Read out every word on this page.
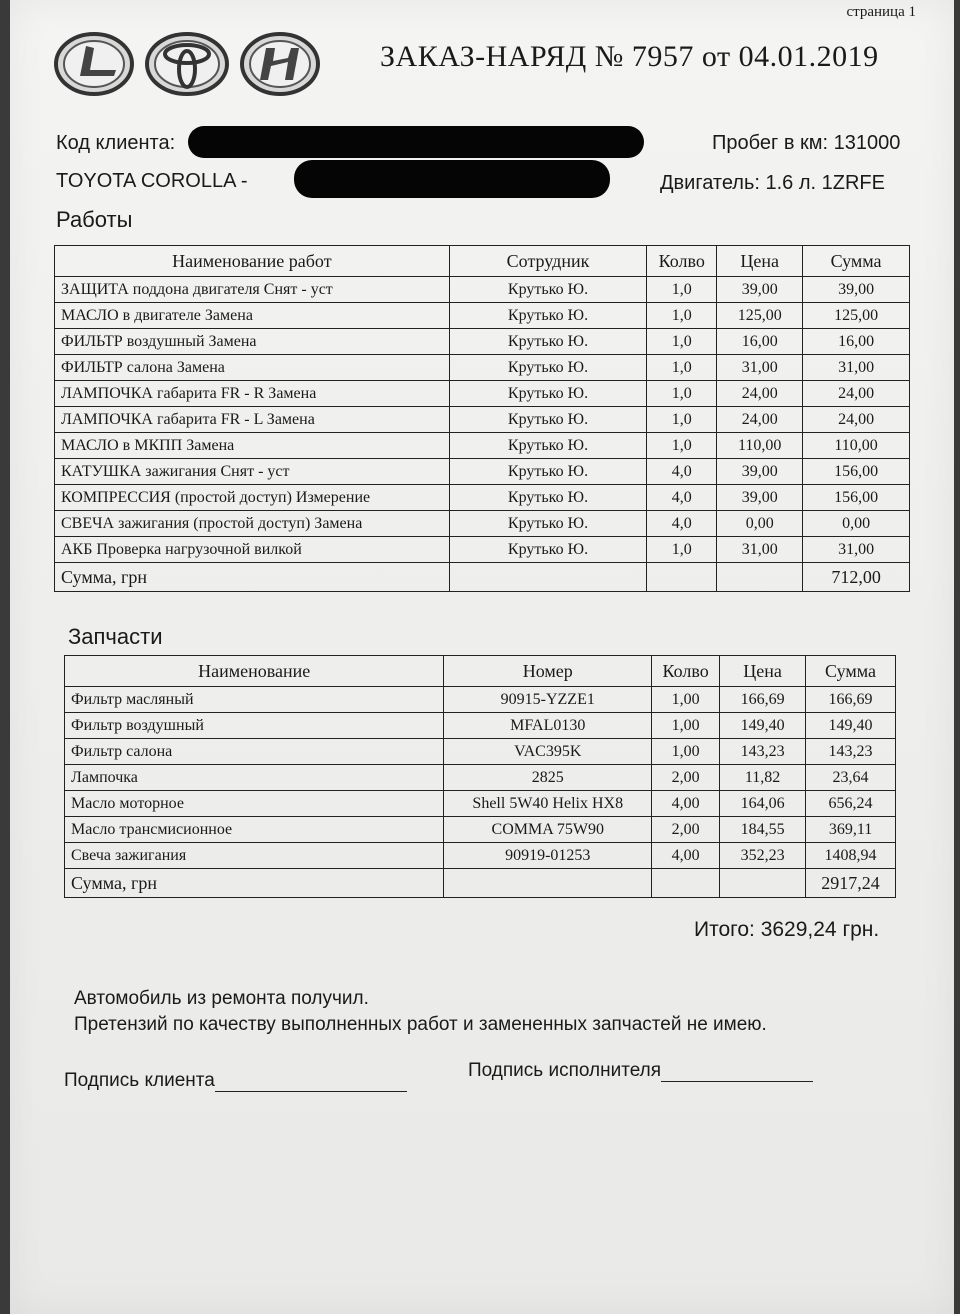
страница 1
ЗАКАЗ-НАРЯД № 7957 от 04.01.2019
Код клиента:	Пробег в км: 131000
TOYOTA COROLLA -	Двигатель: 1.6 л. 1ZRFE
Работы
Наименование работ	Сотрудник	Колво	Цена	Сумма
ЗАЩИТА поддона двигателя Снят - уст	Крутько Ю.	1,0	39,00	39,00
МАСЛО в двигателе Замена	Крутько Ю.	1,0	125,00	125,00
ФИЛЬТР воздушный Замена	Крутько Ю.	1,0	16,00	16,00
ФИЛЬТР салона Замена	Крутько Ю.	1,0	31,00	31,00
ЛАМПОЧКА габарита FR - R Замена	Крутько Ю.	1,0	24,00	24,00
ЛАМПОЧКА габарита FR - L Замена	Крутько Ю.	1,0	24,00	24,00
МАСЛО в МКПП Замена	Крутько Ю.	1,0	110,00	110,00
КАТУШКА зажигания Снят - уст	Крутько Ю.	4,0	39,00	156,00
КОМПРЕССИЯ (простой доступ) Измерение	Крутько Ю.	4,0	39,00	156,00
СВЕЧА зажигания (простой доступ) Замена	Крутько Ю.	4,0	0,00	0,00
АКБ Проверка нагрузочной вилкой	Крутько Ю.	1,0	31,00	31,00
Сумма, грн				712,00
Запчасти
Наименование	Номер	Колво	Цена	Сумма
Фильтр масляный	90915-YZZE1	1,00	166,69	166,69
Фильтр воздушный	MFAL0130	1,00	149,40	149,40
Фильтр салона	VAC395K	1,00	143,23	143,23
Лампочка	2825	2,00	11,82	23,64
Масло моторное	Shell 5W40 Helix HX8	4,00	164,06	656,24
Масло трансмисионное	COMMA 75W90	2,00	184,55	369,11
Свеча зажигания	90919-01253	4,00	352,23	1408,94
Сумма, грн				2917,24
Итого: 3629,24 грн.
Автомобиль из ремонта получил.
Претензий по качеству выполненных работ и замененных запчастей не имею.
Подпись клиента	Подпись исполнителя
